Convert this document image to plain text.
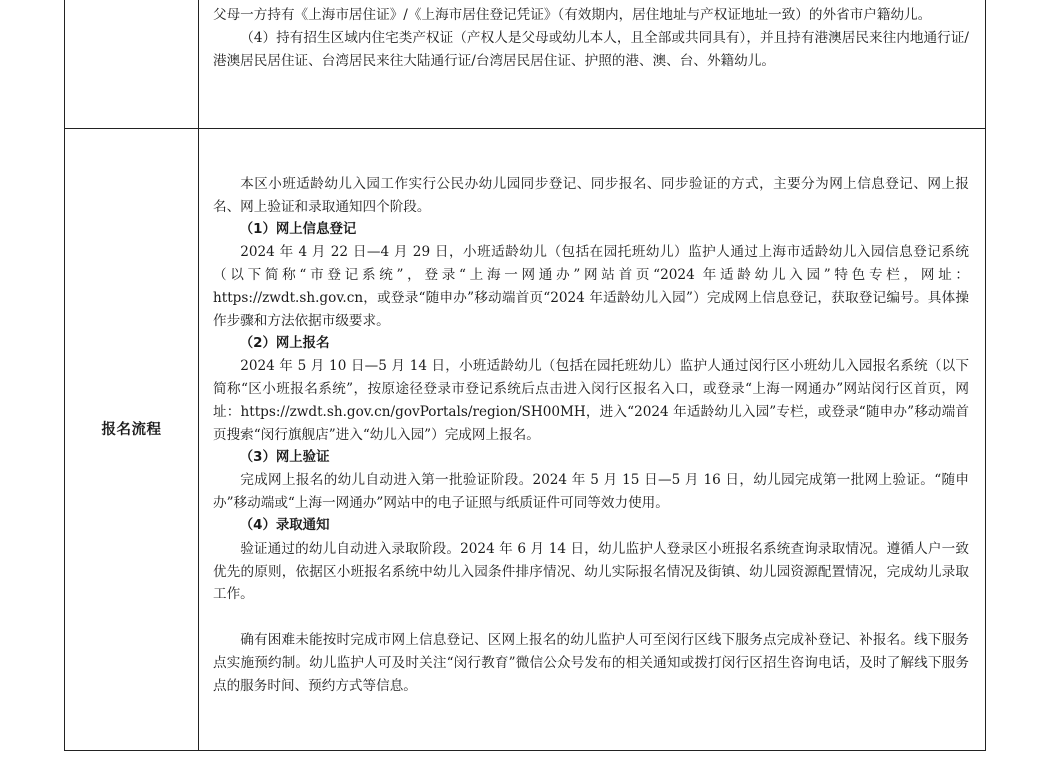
父母一方持有《上海市居住证》/《上海市居住登记凭证》（有效期内，居住地址与产权证地址一致）的外省市户籍幼儿。

（4）持有招生区域内住宅类产权证（产权人是父母或幼儿本人，且全部或共同具有），并且持有港澳居民来往内地通行证/港澳居民居住证、台湾居民来往大陆通行证/台湾居民居住证、护照的港、澳、台、外籍幼儿。

报名流程

本区小班适龄幼儿入园工作实行公民办幼儿园同步登记、同步报名、同步验证的方式，主要分为网上信息登记、网上报名、网上验证和录取通知四个阶段。

（1）网上信息登记

2024 年 4 月 22 日—4 月 29 日，小班适龄幼儿（包括在园托班幼儿）监护人通过上海市适龄幼儿入园信息登记系统（以下简称“市登记系统”，登录“上海一网通办”网站首页“2024 年适龄幼儿入园”特色专栏，网址：https://zwdt.sh.gov.cn，或登录“随申办”移动端首页“2024 年适龄幼儿入园”）完成网上信息登记，获取登记编号。具体操作步骤和方法依据市级要求。

（2）网上报名

2024 年 5 月 10 日—5 月 14 日，小班适龄幼儿（包括在园托班幼儿）监护人通过闵行区小班幼儿入园报名系统（以下简称“区小班报名系统”，按原途径登录市登记系统后点击进入闵行区报名入口，或登录“上海一网通办”网站闵行区首页，网址：https://zwdt.sh.gov.cn/govPortals/region/SH00MH，进入“2024 年适龄幼儿入园”专栏，或登录“随申办”移动端首页搜索“闵行旗舰店”进入“幼儿入园”）完成网上报名。

（3）网上验证

完成网上报名的幼儿自动进入第一批验证阶段。2024 年 5 月 15 日—5 月 16 日，幼儿园完成第一批网上验证。“随申办”移动端或“上海一网通办”网站中的电子证照与纸质证件可同等效力使用。

（4）录取通知

验证通过的幼儿自动进入录取阶段。2024 年 6 月 14 日，幼儿监护人登录区小班报名系统查询录取情况。遵循人户一致优先的原则，依据区小班报名系统中幼儿入园条件排序情况、幼儿实际报名情况及街镇、幼儿园资源配置情况，完成幼儿录取工作。

确有困难未能按时完成市网上信息登记、区网上报名的幼儿监护人可至闵行区线下服务点完成补登记、补报名。线下服务点实施预约制。幼儿监护人可及时关注“闵行教育”微信公众号发布的相关通知或拨打闵行区招生咨询电话，及时了解线下服务点的服务时间、预约方式等信息。
